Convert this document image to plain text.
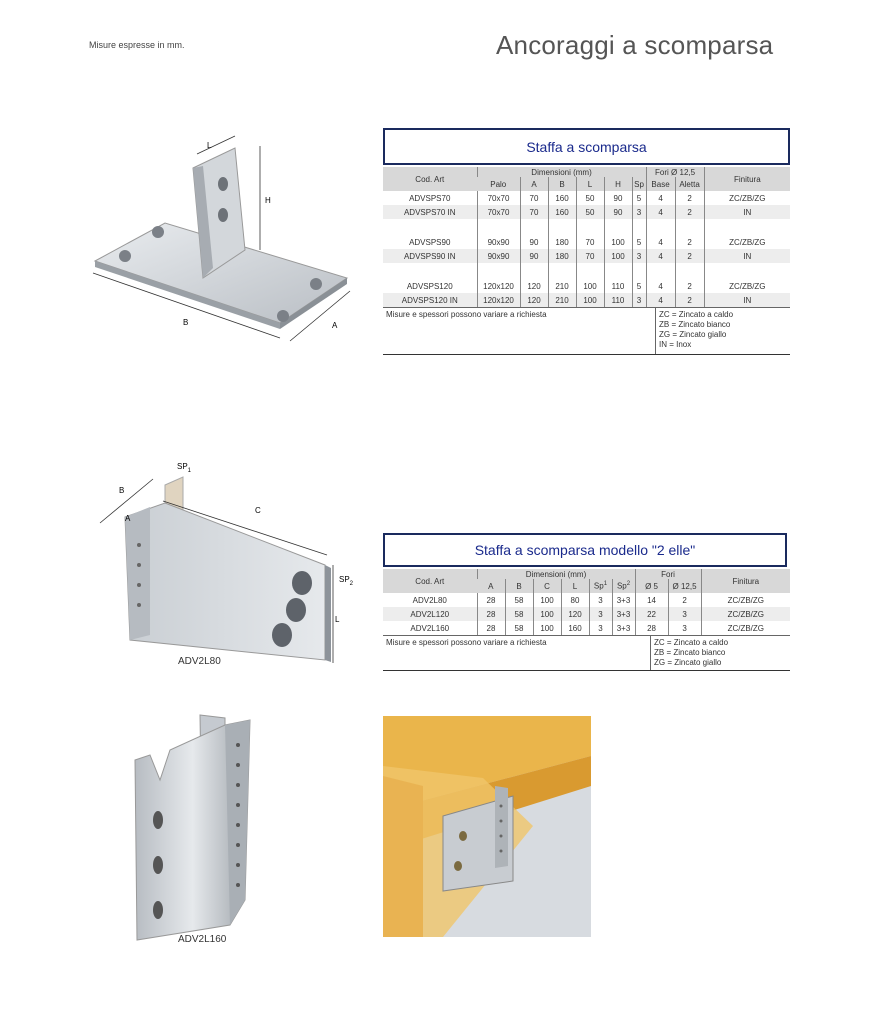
Misure espresse in mm.	Ancoraggi a scomparsa
L
H
B	A
Staffa a scomparsa
Cod. Art	Dimensioni (mm)						Fori Ø 12,5		Finitura
	Palo	A	B	L	H	Sp	Base	Aletta	
ADVSPS70	70x70	70	160	50	90	5	4	2	ZC/ZB/ZG
ADVSPS70 IN	70x70	70	160	50	90	3	4	2	IN

ADVSPS90	90x90	90	180	70	100	5	4	2	ZC/ZB/ZG
ADVSPS90 IN	90x90	90	180	70	100	3	4	2	IN

ADVSPS120	120x120	120	210	100	110	5	4	2	ZC/ZB/ZG
ADVSPS120 IN	120x120	120	210	100	110	3	4	2	IN
Misure e spessori possono variare a richiesta	ZC = Zincato a caldo
ZB = Zincato bianco
ZG = Zincato giallo
IN = Inox
$SP_1$
B
A
C
$SP_2$
L
ADV2L80
Staffa a scomparsa modello "2 elle"
Cod. Art	Dimensioni (mm)						Fori		Finitura
	A	B	C	L	Sp$^1$	Sp$^2$	Ø 5	Ø 12,5	
ADV2L80	28	58	100	80	3	3+3	14	2	ZC/ZB/ZG
ADV2L120	28	58	100	120	3	3+3	22	3	ZC/ZB/ZG
ADV2L160	28	58	100	160	3	3+3	28	3	ZC/ZB/ZG
Misure e spessori possono variare a richiesta	ZC = Zincato a caldo
ZB = Zincato bianco
ZG = Zincato giallo
ADV2L160
